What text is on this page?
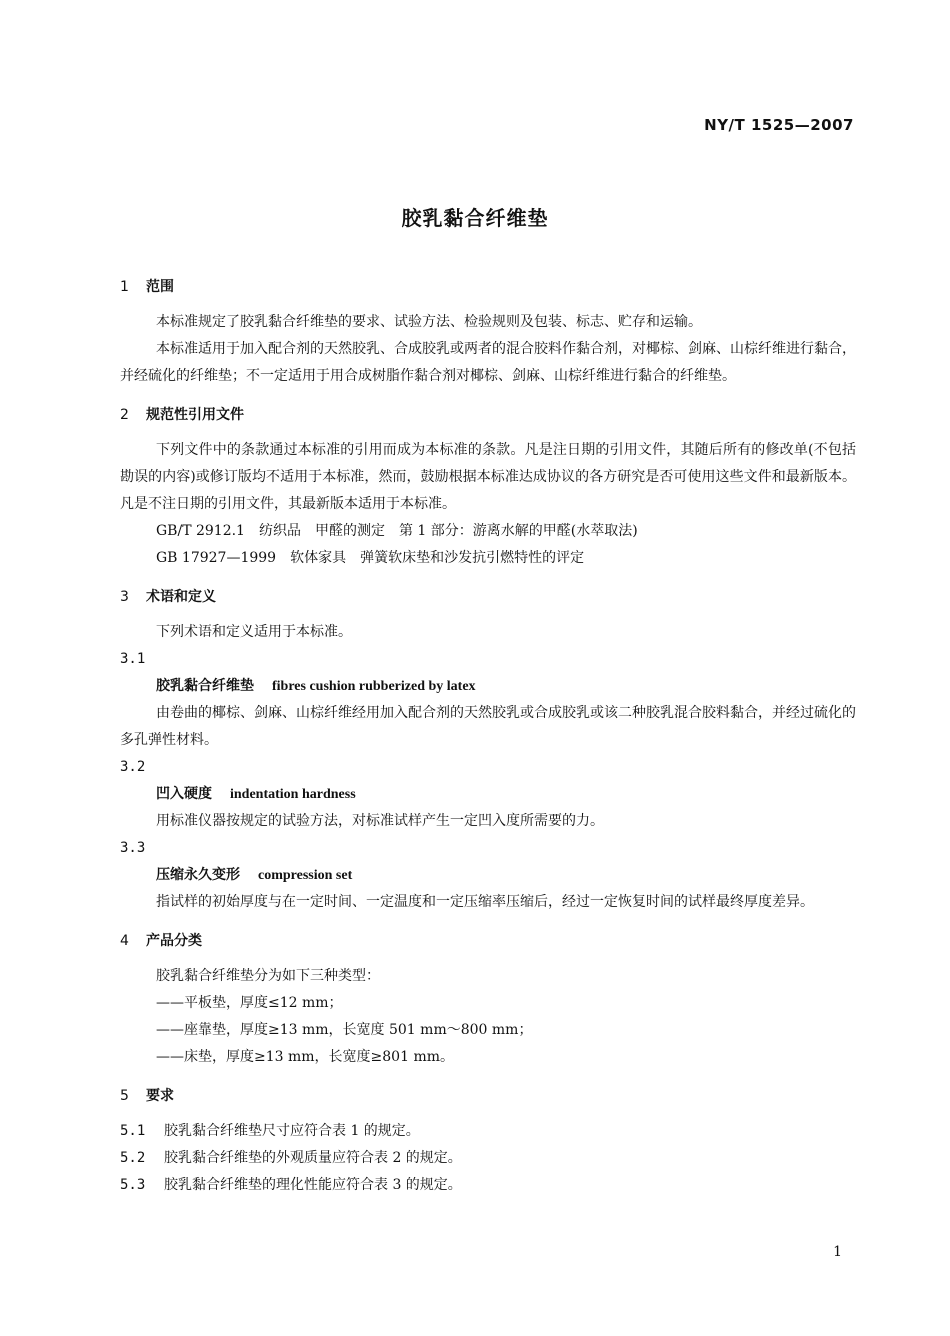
NY/T 1525—2007
胶乳黏合纤维垫

1 范围

本标准规定了胶乳黏合纤维垫的要求、试验方法、检验规则及包装、标志、贮存和运输。

本标准适用于加入配合剂的天然胶乳、合成胶乳或两者的混合胶料作黏合剂，对椰棕、剑麻、山棕纤维进行黏合，并经硫化的纤维垫；不一定适用于用合成树脂作黏合剂对椰棕、剑麻、山棕纤维进行黏合的纤维垫。

2 规范性引用文件

下列文件中的条款通过本标准的引用而成为本标准的条款。凡是注日期的引用文件，其随后所有的修改单(不包括勘误的内容)或修订版均不适用于本标准，然而，鼓励根据本标准达成协议的各方研究是否可使用这些文件和最新版本。凡是不注日期的引用文件，其最新版本适用于本标准。

GB/T 2912.1　纺织品　甲醛的测定　第 1 部分：游离水解的甲醛(水萃取法)

GB 17927—1999　软体家具　弹簧软床垫和沙发抗引燃特性的评定

3 术语和定义

下列术语和定义适用于本标准。

3.1

胶乳黏合纤维垫 fibres cushion rubberized by latex

由卷曲的椰棕、剑麻、山棕纤维经用加入配合剂的天然胶乳或合成胶乳或该二种胶乳混合胶料黏合，并经过硫化的多孔弹性材料。

3.2

凹入硬度 indentation hardness

用标准仪器按规定的试验方法，对标准试样产生一定凹入度所需要的力。

3.3

压缩永久变形 compression set

指试样的初始厚度与在一定时间、一定温度和一定压缩率压缩后，经过一定恢复时间的试样最终厚度差异。

4 产品分类

胶乳黏合纤维垫分为如下三种类型：

——平板垫，厚度≤12 mm；

——座靠垫，厚度≥13 mm，长宽度 501 mm～800 mm；

——床垫，厚度≥13 mm，长宽度≥801 mm。

5 要求

5.1 胶乳黏合纤维垫尺寸应符合表 1 的规定。

5.2 胶乳黏合纤维垫的外观质量应符合表 2 的规定。

5.3 胶乳黏合纤维垫的理化性能应符合表 3 的规定。

1
